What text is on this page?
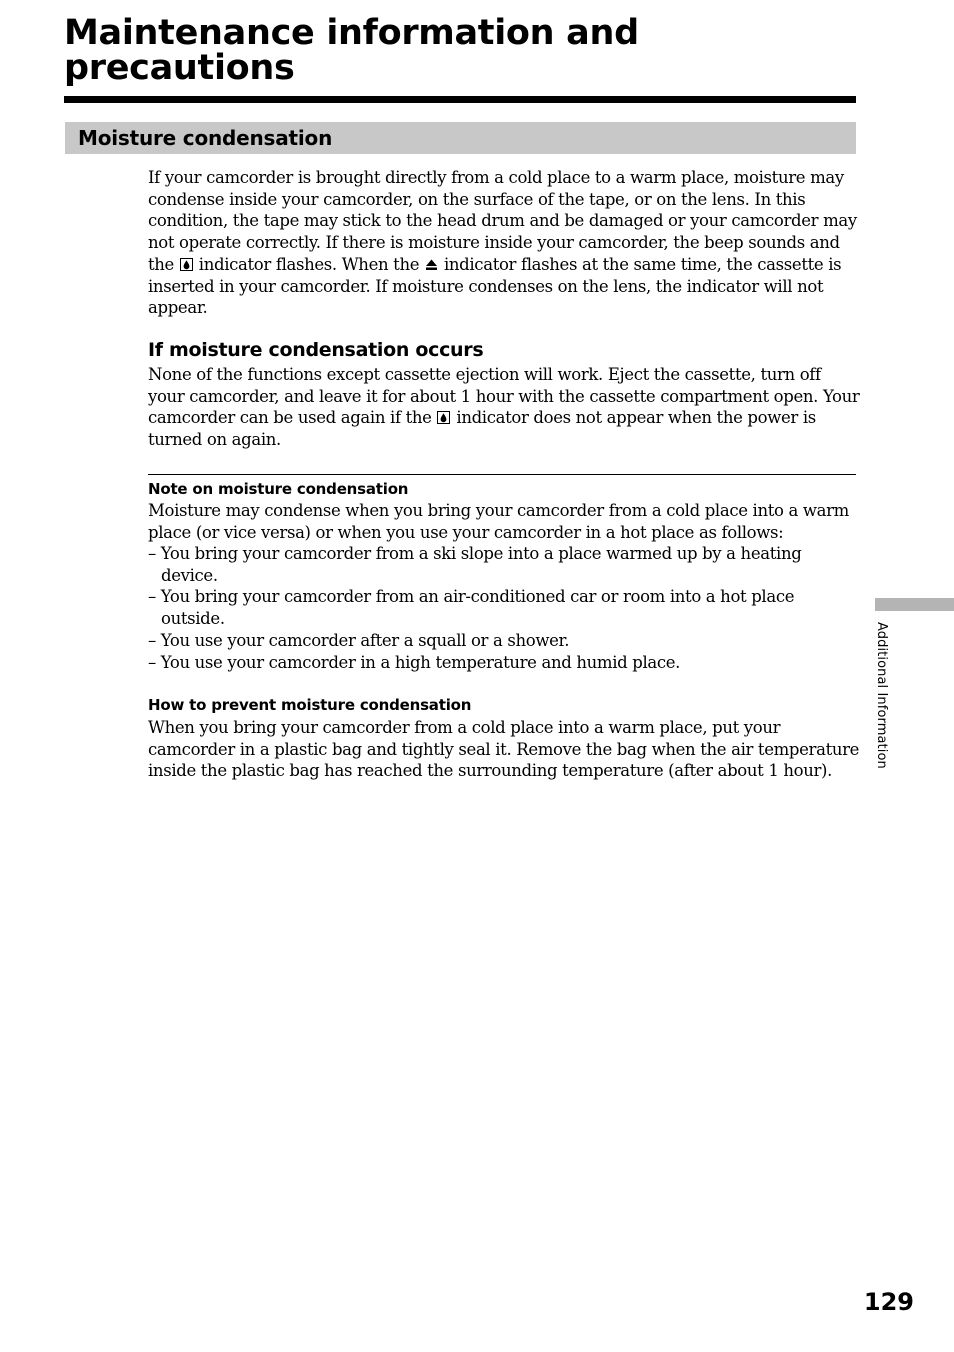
Maintenance information and precautions
Moisture condensation

If your camcorder is brought directly from a cold place to a warm place, moisture may condense inside your camcorder, on the surface of the tape, or on the lens. In this condition, the tape may stick to the head drum and be damaged or your camcorder may not operate correctly. If there is moisture inside your camcorder, the beep sounds and the indicator flashes. When the indicator flashes at the same time, the cassette is inserted in your camcorder. If moisture condenses on the lens, the indicator will not appear.

If moisture condensation occurs

None of the functions except cassette ejection will work. Eject the cassette, turn off your camcorder, and leave it for about 1 hour with the cassette compartment open. Your camcorder can be used again if the indicator does not appear when the power is turned on again.

Note on moisture condensation

Moisture may condense when you bring your camcorder from a cold place into a warm place (or vice versa) or when you use your camcorder in a hot place as follows:

– You bring your camcorder from a ski slope into a place warmed up by a heating device.
– You bring your camcorder from an air-conditioned car or room into a hot place outside.
– You use your camcorder after a squall or a shower.
– You use your camcorder in a high temperature and humid place.
How to prevent moisture condensation

When you bring your camcorder from a cold place into a warm place, put your camcorder in a plastic bag and tightly seal it. Remove the bag when the air temperature inside the plastic bag has reached the surrounding temperature (after about 1 hour).

Additional Information
129
